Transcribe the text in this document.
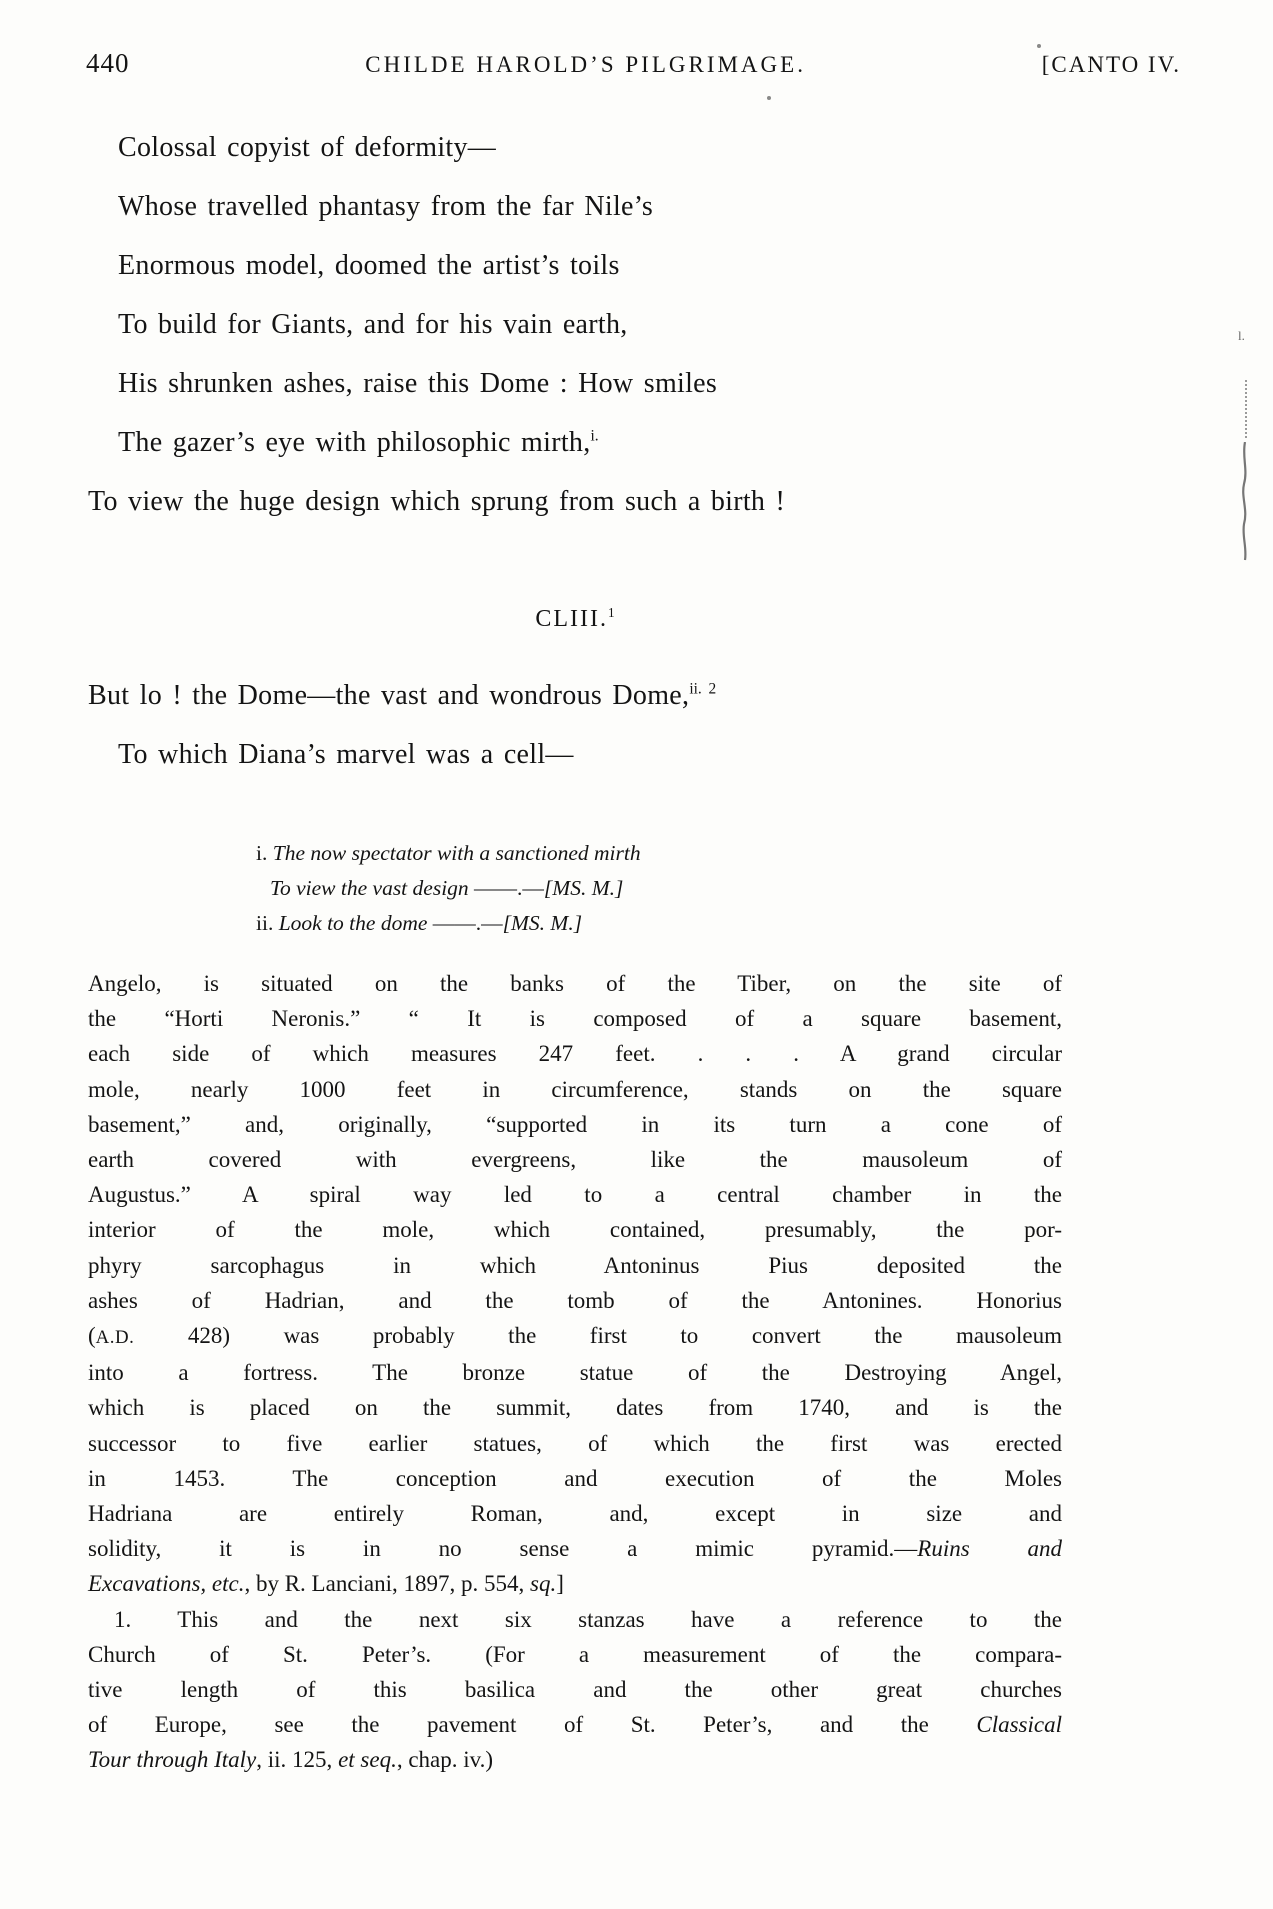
440	CHILDE HAROLD’S PILGRIMAGE.	[CANTO IV.
Colossal copyist of deformity—
Whose travelled phantasy from the far Nile’s
Enormous model, doomed the artist’s toils
To build for Giants, and for his vain earth,
His shrunken ashes, raise this Dome : How smiles
The gazer’s eye with philosophic mirth,$^{i.}$
To view the huge design which sprung from such a birth !
CLIII.$^1$
But lo ! the Dome—the vast and wondrous Dome,$^{ii. 2}$
To which Diana’s marvel was a cell—
i. The now spectator with a sanctioned mirth
To view the vast design ——.—[MS. M.]
ii. Look to the dome ——.—[MS. M.]
Angelo, is situated on the banks of the Tiber, on the site of
the “Horti Neronis.” “ It is composed of a square basement,
each side of which measures 247 feet. . . . A grand circular
mole, nearly 1000 feet in circumference, stands on the square
basement,” and, originally, “supported in its turn a cone of
earth covered with evergreens, like the mausoleum of
Augustus.” A spiral way led to a central chamber in the
interior of the mole, which contained, presumably, the por-
phyry sarcophagus in which Antoninus Pius deposited the
ashes of Hadrian, and the tomb of the Antonines. Honorius
(A.D. 428) was probably the first to convert the mausoleum
into a fortress. The bronze statue of the Destroying Angel,
which is placed on the summit, dates from 1740, and is the
successor to five earlier statues, of which the first was erected
in 1453. The conception and execution of the Moles
Hadriana are entirely Roman, and, except in size and
solidity, it is in no sense a mimic pyramid.—Ruins and
Excavations, etc., by R. Lanciani, 1897, p. 554, sq.]
1. This and the next six stanzas have a reference to the
Church of St. Peter’s. (For a measurement of the compara-
tive length of this basilica and the other great churches
of Europe, see the pavement of St. Peter’s, and the Classical
Tour through Italy, ii. 125, et seq., chap. iv.)
l.
